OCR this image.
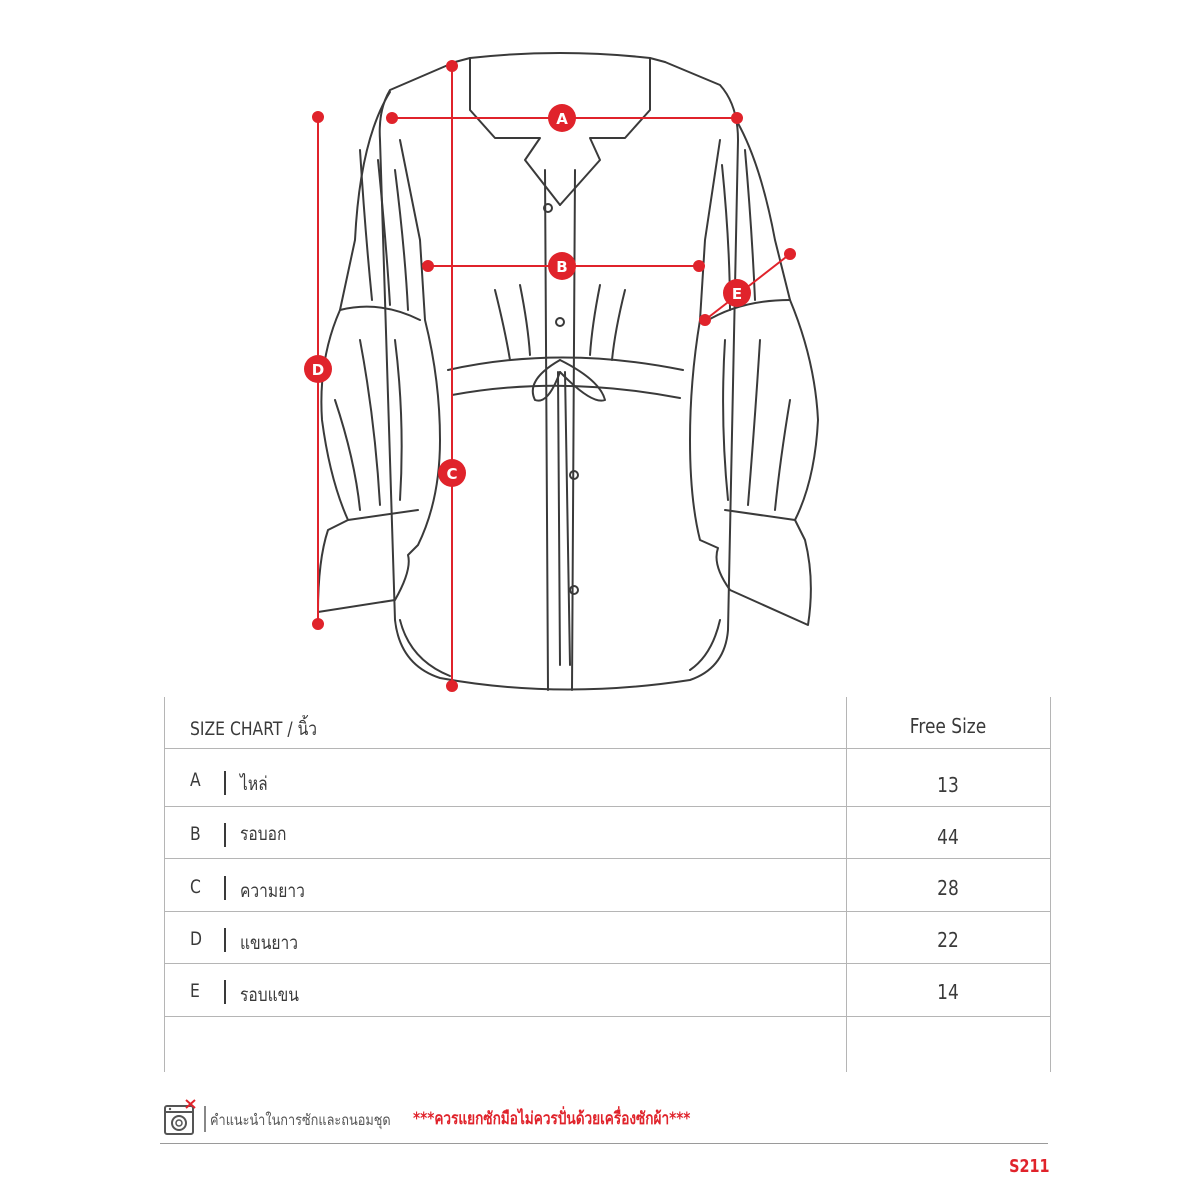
A
B
C
D
E
SIZE CHART / นิ้ว	Free Size
A ไหล่	13
B รอบอก	44
C ความยาว	28
D แขนยาว	22
E รอบแขน	14
คำแนะนำในการซักและถนอมชุด ***ควรแยกซักมือไม่ควรปั่นด้วยเครื่องซักผ้า***
S211
